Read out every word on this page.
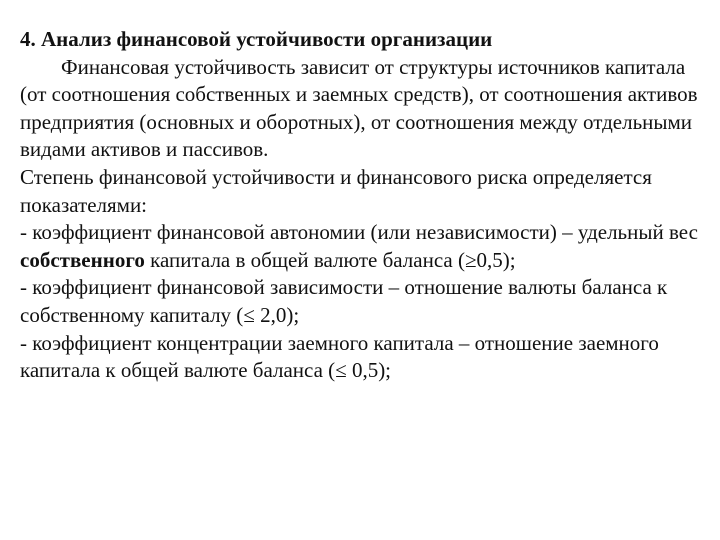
4. Анализ финансовой устойчивости организации

Финансовая устойчивость зависит от структуры источников капитала (от соотношения собственных и заемных средств), от соотношения активов предприятия (основных и оборотных), от соотношения между отдельными видами активов и пассивов.

Степень финансовой устойчивости и финансового риска определяется показателями:

- коэффициент финансовой автономии (или независимости) – удельный вес собственного капитала в общей валюте баланса (≥0,5);

- коэффициент финансовой зависимости – отношение валюты баланса к собственному капиталу (≤ 2,0);

- коэффициент концентрации заемного капитала – отношение заемного капитала к общей валюте баланса (≤ 0,5);
